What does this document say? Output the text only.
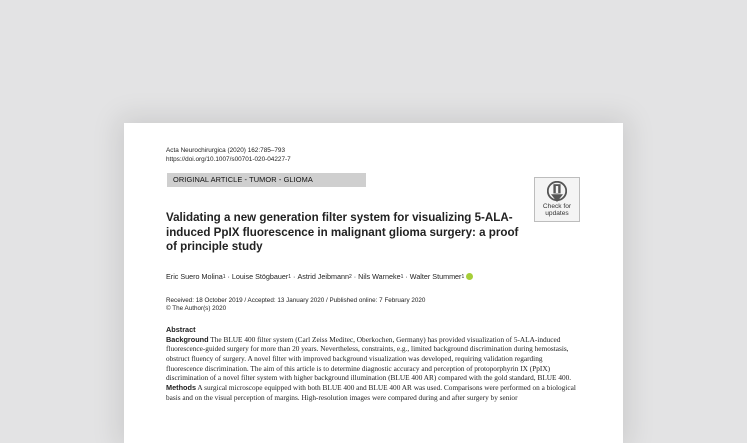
Acta Neurochirurgica (2020) 162:785–793
https://doi.org/10.1007/s00701-020-04227-7
ORIGINAL ARTICLE - TUMOR - GLIOMA
Check for
updates
Validating a new generation filter system for visualizing 5-ALA-induced PpIX fluorescence in malignant glioma surgery: a proof of principle study
Eric Suero Molina 1 · Louise Stögbauer 1 · Astrid Jeibmann 2 · Nils Warneke 1 · Walter Stummer 1
Received: 18 October 2019 / Accepted: 13 January 2020 / Published online: 7 February 2020
© The Author(s) 2020
Abstract

Background The BLUE 400 filter system (Carl Zeiss Meditec, Oberkochen, Germany) has provided visualization of 5-ALA-induced fluorescence-guided surgery for more than 20 years. Nevertheless, constraints, e.g., limited background discrimination during hemostasis, obstruct fluency of surgery. A novel filter with improved background visualization was developed, requiring validation regarding fluorescence discrimination. The aim of this article is to determine diagnostic accuracy and perception of protoporphyrin IX (PpIX) discrimination of a novel filter system with higher background illumination (BLUE 400 AR) compared with the gold standard, BLUE 400.

Methods A surgical microscope equipped with both BLUE 400 and BLUE 400 AR was used. Comparisons were performed on a biological basis and on the visual perception of margins. High-resolution images were compared during and after surgery by senior
